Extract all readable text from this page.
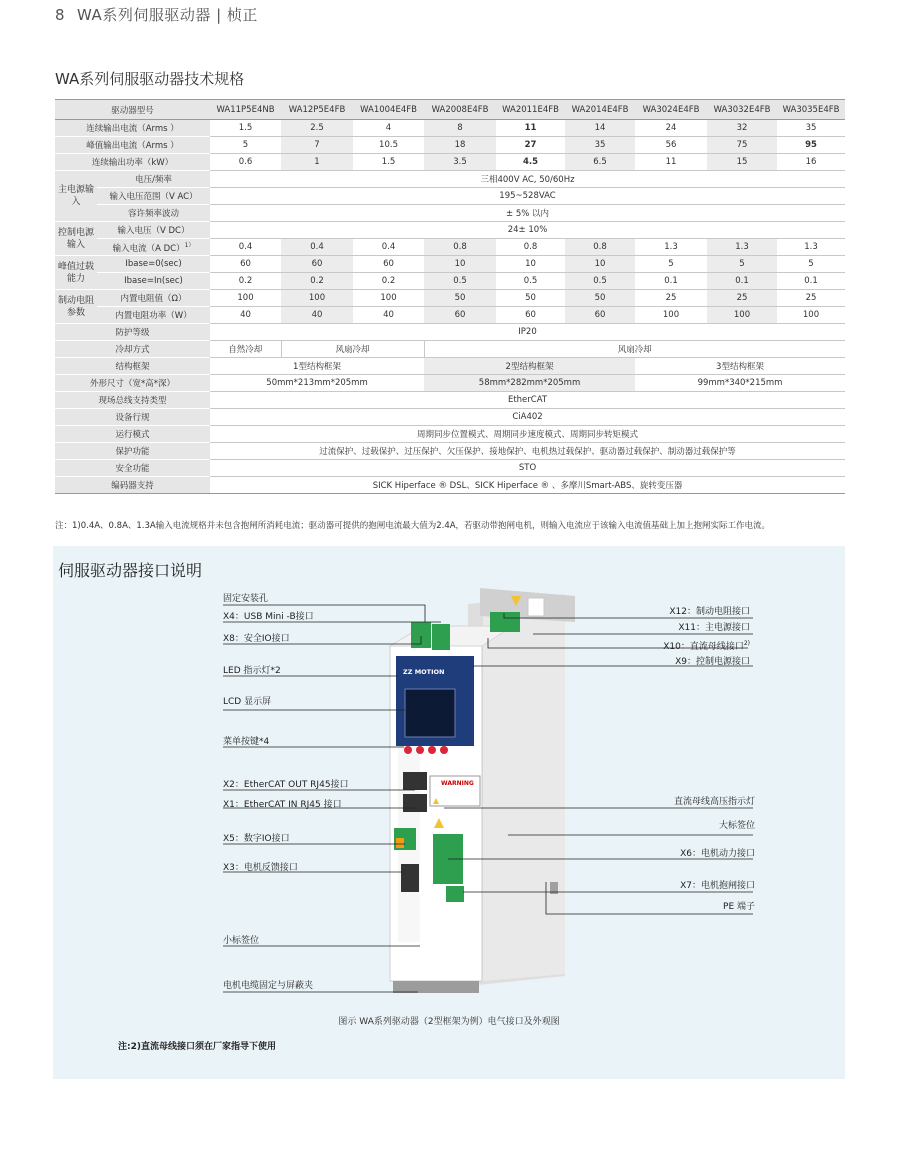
8 WA系列伺服驱动器 | 桢正
WA系列伺服驱动器技术规格
驱动器型号		WA11P5E4NB	WA12P5E4FB	WA1004E4FB	WA2008E4FB	WA2011E4FB	WA2014E4FB	WA3024E4FB	WA3032E4FB	WA3035E4FB
连续输出电流（Arms ）		1.5	2.5	4	8	11	14	24	32	35
峰值输出电流（Arms ）		5	7	10.5	18	27	35	56	75	95
连续输出功率（kW）		0.6	1	1.5	3.5	4.5	6.5	11	15	16
主电源输入	电压/频率	三相400V AC, 50/60Hz								
	输入电压范围（V AC）	195~528VAC								
	容许频率波动	± 5% 以内								
控制电源输入	输入电压（V DC）	24± 10%								
	输入电流（A DC）$^{1)}$	0.4	0.4	0.4	0.8	0.8	0.8	1.3	1.3	1.3
峰值过载能力	Ibase=0(sec)	60	60	60	10	10	10	5	5	5
	Ibase=In(sec)	0.2	0.2	0.2	0.5	0.5	0.5	0.1	0.1	0.1
制动电阻参数	内置电阻值（Ω）	100	100	100	50	50	50	25	25	25
	内置电阻功率（W）	40	40	40	60	60	60	100	100	100
防护等级		IP20								
冷却方式		自然冷却	风扇冷却		风扇冷却					
结构框架		1型结构框架			2型结构框架			3型结构框架		
外形尺寸（宽*高*深）		50mm*213mm*205mm			58mm*282mm*205mm			99mm*340*215mm		
现场总线支持类型		EtherCAT								
设备行规		CiA402								
运行模式		周期同步位置模式、周期同步速度模式、周期同步转矩模式								
保护功能		过流保护、过载保护、过压保护、欠压保护、接地保护、电机热过载保护、驱动器过载保护、制动器过载保护等								
安全功能		STO								
编码器支持		SICK Hiperface ® DSL、SICK Hiperface ® 、多摩川Smart-ABS、旋转变压器								
注：1)0.4A、0.8A、1.3A输入电流规格并未包含抱闸所消耗电流；驱动器可提供的抱闸电流最大值为2.4A，若驱动带抱闸电机，则输入电流应于该输入电流值基础上加上抱闸实际工作电流。
伺服驱动器接口说明
ZZ MOTION
WARNING
固定安装孔
X4：USB Mini -B接口
X8：安全IO接口
LED 指示灯*2
LCD 显示屏
菜单按键*4
X2：EtherCAT OUT RJ45接口
X1：EtherCAT IN RJ45 接口
X5：数字IO接口
X3：电机反馈接口
小标签位
电机电缆固定与屏蔽夹
X12：制动电阻接口
X11：主电源接口
X10：直流母线接口$^{2)}$
X9：控制电源接口
直流母线高压指示灯
大标签位
X6：电机动力接口
X7：电机抱闸接口
PE 端子
图示 WA系列驱动器（2型框架为例）电气接口及外观图
注:2)直流母线接口须在厂家指导下使用
